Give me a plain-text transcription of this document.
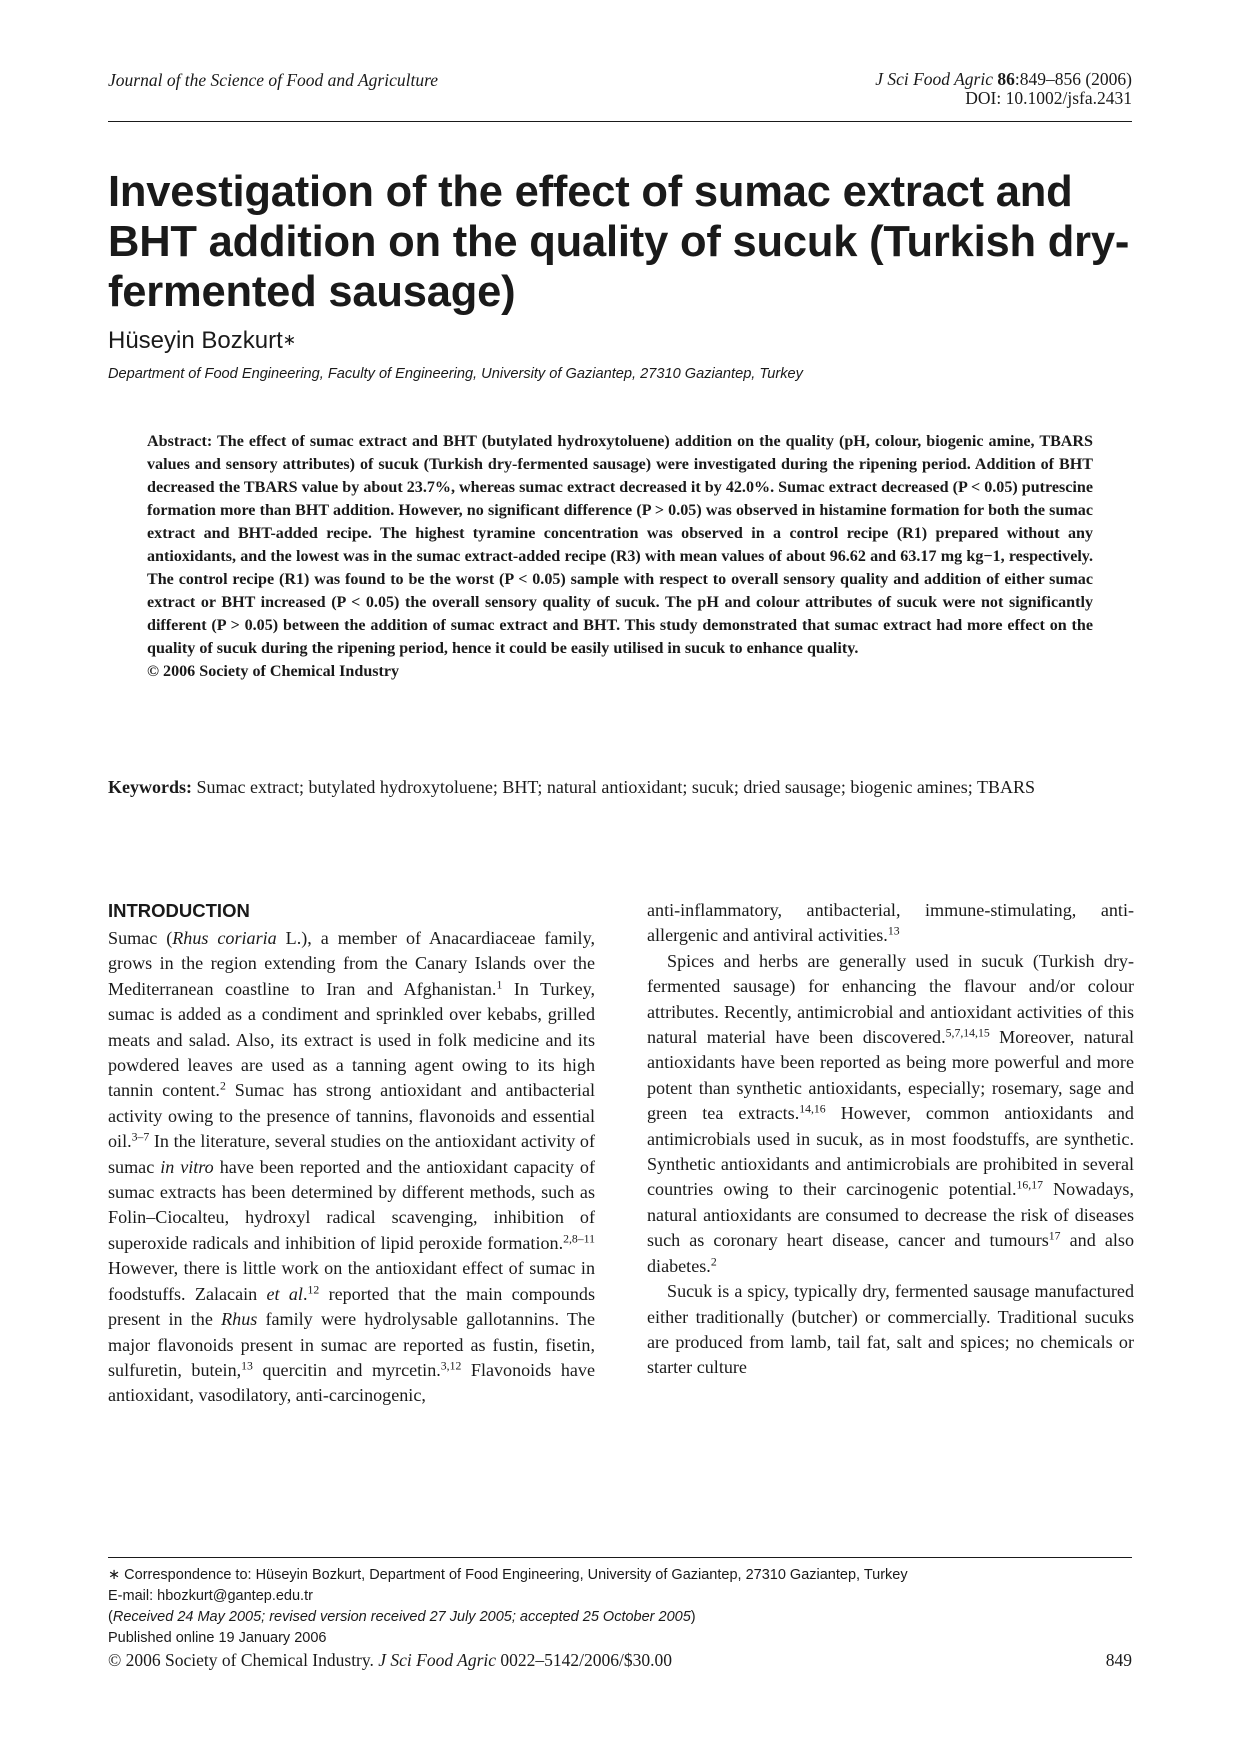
Journal of the Science of Food and Agriculture	J Sci Food Agric 86:849–856 (2006)
DOI: 10.1002/jsfa.2431
Investigation of the effect of sumac extract and BHT addition on the quality of sucuk (Turkish dry-fermented sausage)
Hüseyin Bozkurt∗
Department of Food Engineering, Faculty of Engineering, University of Gaziantep, 27310 Gaziantep, Turkey

Abstract: The effect of sumac extract and BHT (butylated hydroxytoluene) addition on the quality (pH, colour, biogenic amine, TBARS values and sensory attributes) of sucuk (Turkish dry-fermented sausage) were investigated during the ripening period. Addition of BHT decreased the TBARS value by about 23.7%, whereas sumac extract decreased it by 42.0%. Sumac extract decreased (P < 0.05) putrescine formation more than BHT addition. However, no significant difference (P > 0.05) was observed in histamine formation for both the sumac extract and BHT-added recipe. The highest tyramine concentration was observed in a control recipe (R1) prepared without any antioxidants, and the lowest was in the sumac extract-added recipe (R3) with mean values of about 96.62 and 63.17 mg kg−1, respectively. The control recipe (R1) was found to be the worst (P < 0.05) sample with respect to overall sensory quality and addition of either sumac extract or BHT increased (P < 0.05) the overall sensory quality of sucuk. The pH and colour attributes of sucuk were not significantly different (P > 0.05) between the addition of sumac extract and BHT. This study demonstrated that sumac extract had more effect on the quality of sucuk during the ripening period, hence it could be easily utilised in sucuk to enhance quality.
© 2006 Society of Chemical Industry

Keywords: Sumac extract; butylated hydroxytoluene; BHT; natural antioxidant; sucuk; dried sausage; biogenic amines; TBARS

INTRODUCTION

Sumac (Rhus coriaria L.), a member of Anacardiaceae family, grows in the region extending from the Canary Islands over the Mediterranean coastline to Iran and Afghanistan.$^1$ In Turkey, sumac is added as a condiment and sprinkled over kebabs, grilled meats and salad. Also, its extract is used in folk medicine and its powdered leaves are used as a tanning agent owing to its high tannin content.$^2$ Sumac has strong antioxidant and antibacterial activity owing to the presence of tannins, flavonoids and essential oil.$^{3-7}$ In the literature, several studies on the antioxidant activity of sumac in vitro have been reported and the antioxidant capacity of sumac extracts has been determined by different methods, such as Folin–Ciocalteu, hydroxyl radical scavenging, inhibition of superoxide radicals and inhibition of lipid peroxide formation.$^{2,8-11}$ However, there is little work on the antioxidant effect of sumac in foodstuffs. Zalacain et al.$^{12}$ reported that the main compounds present in the Rhus family were hydrolysable gallotannins. The major flavonoids present in sumac are reported as fustin, fisetin, sulfuretin, butein,$^{13}$ quercitin and myrcetin.$^{3,12}$ Flavonoids have antioxidant, vasodilatory, anti-carcinogenic,

anti-inflammatory, antibacterial, immune-stimulating, anti-allergenic and antiviral activities.$^{13}$

Spices and herbs are generally used in sucuk (Turkish dry-fermented sausage) for enhancing the flavour and/or colour attributes. Recently, antimicrobial and antioxidant activities of this natural material have been discovered.$^{5,7,14,15}$ Moreover, natural antioxidants have been reported as being more powerful and more potent than synthetic antioxidants, especially; rosemary, sage and green tea extracts.$^{14,16}$ However, common antioxidants and antimicrobials used in sucuk, as in most foodstuffs, are synthetic. Synthetic antioxidants and antimicrobials are prohibited in several countries owing to their carcinogenic potential.$^{16,17}$ Nowadays, natural antioxidants are consumed to decrease the risk of diseases such as coronary heart disease, cancer and tumours$^{17}$ and also diabetes.$^2$

Sucuk is a spicy, typically dry, fermented sausage manufactured either traditionally (butcher) or commercially. Traditional sucuks are produced from lamb, tail fat, salt and spices; no chemicals or starter culture

∗ Correspondence to: Hüseyin Bozkurt, Department of Food Engineering, University of Gaziantep, 27310 Gaziantep, Turkey
E-mail: hbozkurt@gantep.edu.tr
(Received 24 May 2005; revised version received 27 July 2005; accepted 25 October 2005)
Published online 19 January 2006
© 2006 Society of Chemical Industry. J Sci Food Agric 0022–5142/2006/$30.00	849
